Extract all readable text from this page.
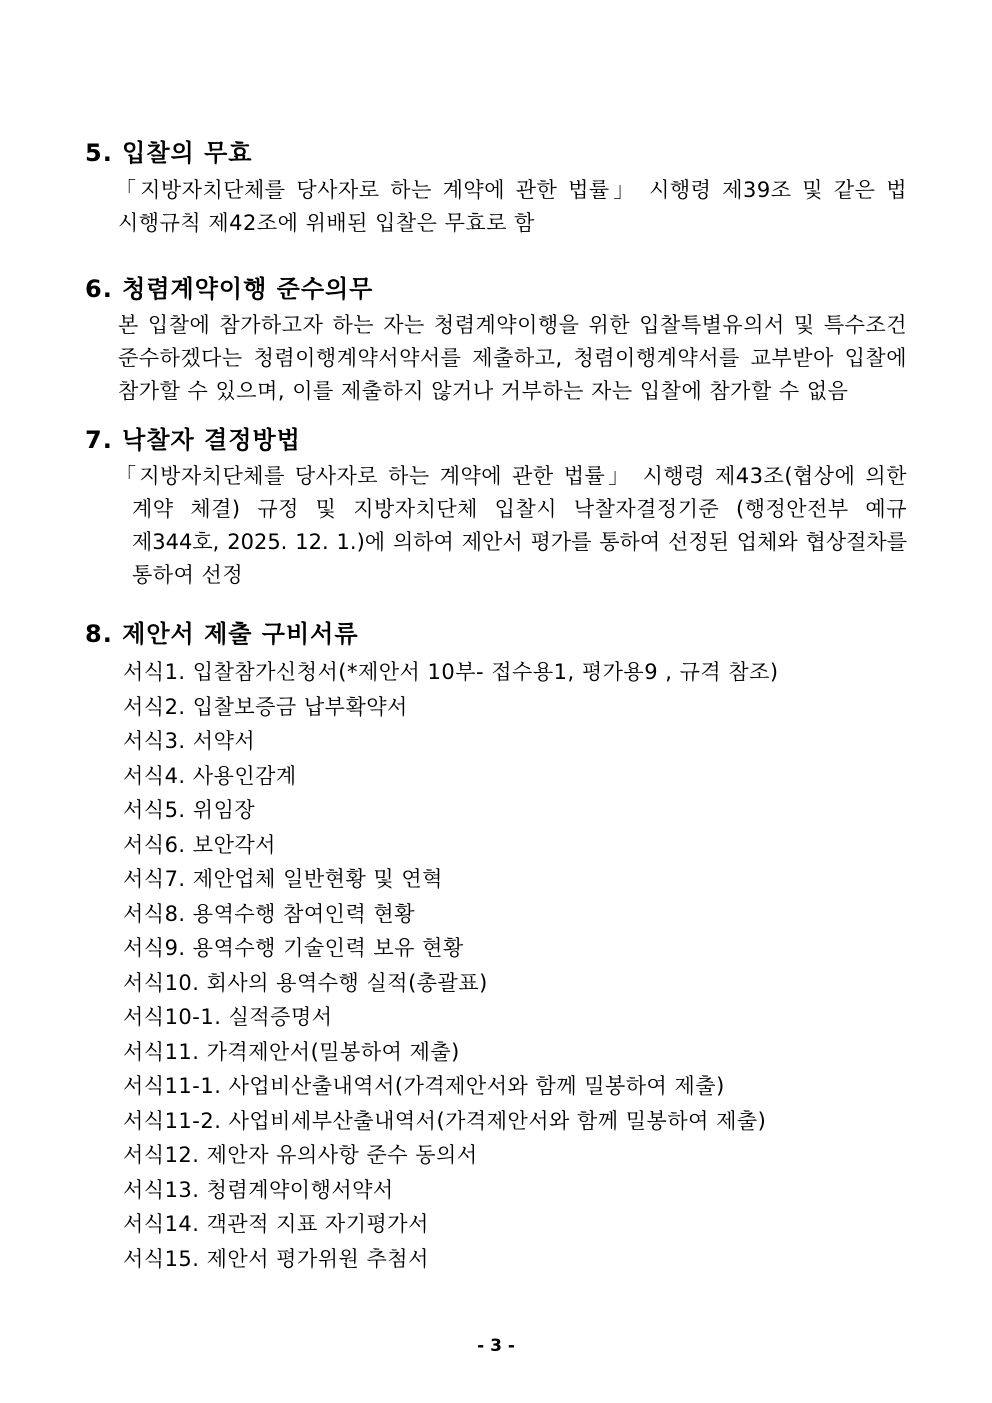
5. 입찰의 무효
「지방자치단체를 당사자로 하는 계약에 관한 법률」 시행령 제39조 및 같은 법
시행규칙 제42조에 위배된 입찰은 무효로 함
6. 청렴계약이행 준수의무
본 입찰에 참가하고자 하는 자는 청렴계약이행을 위한 입찰특별유의서 및 특수조건
준수하겠다는 청렴이행계약서약서를 제출하고, 청렴이행계약서를 교부받아 입찰에
참가할 수 있으며, 이를 제출하지 않거나 거부하는 자는 입찰에 참가할 수 없음
7. 낙찰자 결정방법
「지방자치단체를 당사자로 하는 계약에 관한 법률」 시행령 제43조(협상에 의한
계약 체결) 규정 및 지방자치단체 입찰시 낙찰자결정기준 (행정안전부 예규
제344호, 2025. 12. 1.)에 의하여 제안서 평가를 통하여 선정된 업체와 협상절차를
통하여 선정
8. 제안서 제출 구비서류
서식1. 입찰참가신청서(*제안서 10부- 접수용1, 평가용9 , 규격 참조)
서식2. 입찰보증금 납부확약서
서식3. 서약서
서식4. 사용인감계
서식5. 위임장
서식6. 보안각서
서식7. 제안업체 일반현황 및 연혁
서식8. 용역수행 참여인력 현황
서식9. 용역수행 기술인력 보유 현황
서식10. 회사의 용역수행 실적(총괄표)
서식10-1. 실적증명서
서식11. 가격제안서(밀봉하여 제출)
서식11-1. 사업비산출내역서(가격제안서와 함께 밀봉하여 제출)
서식11-2. 사업비세부산출내역서(가격제안서와 함께 밀봉하여 제출)
서식12. 제안자 유의사항 준수 동의서
서식13. 청렴계약이행서약서
서식14. 객관적 지표 자기평가서
서식15. 제안서 평가위원 추첨서
- 3 -
